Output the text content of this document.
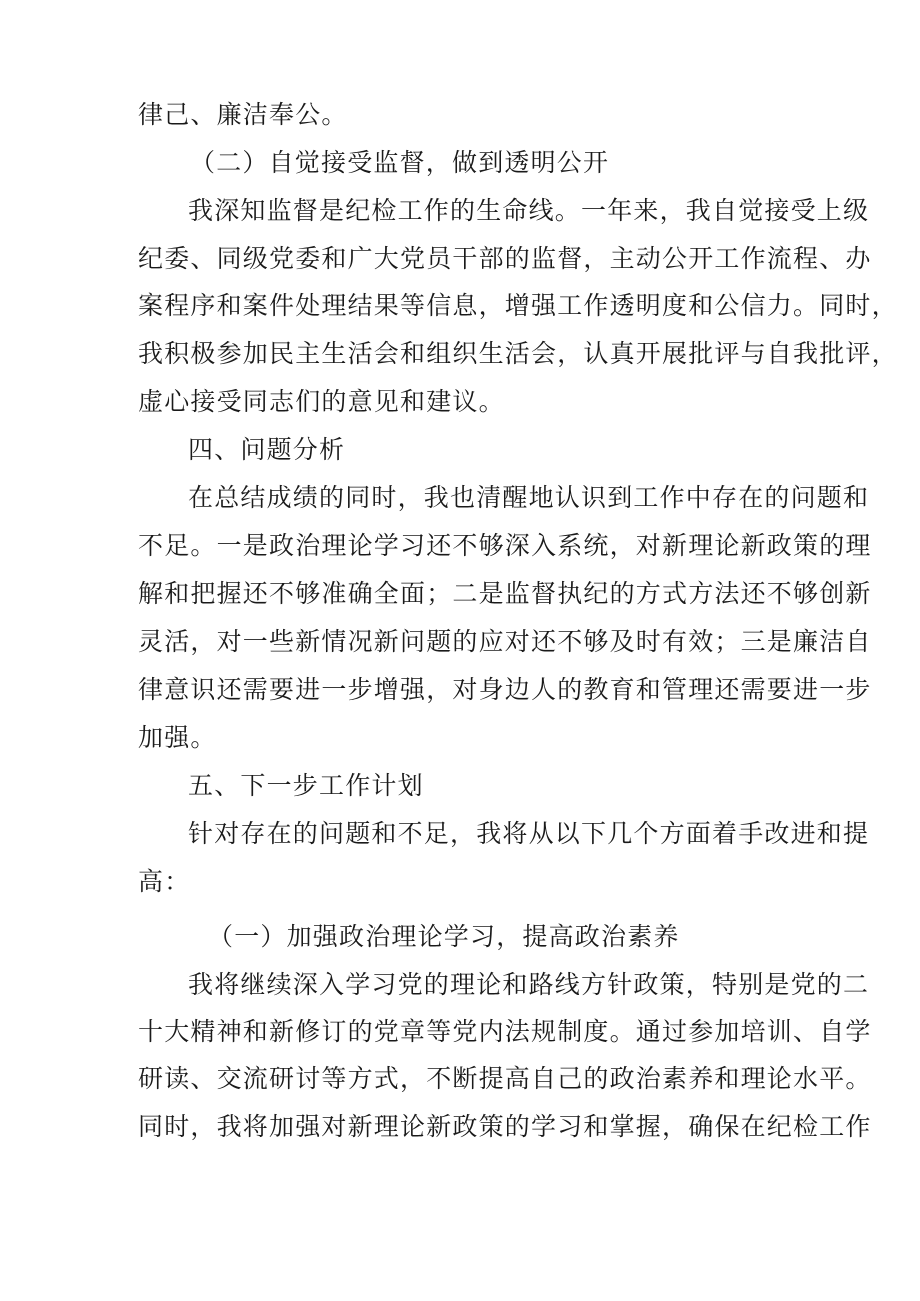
律己、廉洁奉公。
（二）自觉接受监督，做到透明公开
我深知监督是纪检工作的生命线。一年来，我自觉接受上级
纪委、同级党委和广大党员干部的监督，主动公开工作流程、办
案程序和案件处理结果等信息，增强工作透明度和公信力。同时，
我积极参加民主生活会和组织生活会，认真开展批评与自我批评，
虚心接受同志们的意见和建议。
四、问题分析
在总结成绩的同时，我也清醒地认识到工作中存在的问题和
不足。一是政治理论学习还不够深入系统，对新理论新政策的理
解和把握还不够准确全面；二是监督执纪的方式方法还不够创新
灵活，对一些新情况新问题的应对还不够及时有效；三是廉洁自
律意识还需要进一步增强，对身边人的教育和管理还需要进一步
加强。
五、下一步工作计划
针对存在的问题和不足，我将从以下几个方面着手改进和提
高：
（一）加强政治理论学习，提高政治素养
我将继续深入学习党的理论和路线方针政策，特别是党的二
十大精神和新修订的党章等党内法规制度。通过参加培训、自学
研读、交流研讨等方式，不断提高自己的政治素养和理论水平。
同时，我将加强对新理论新政策的学习和掌握，确保在纪检工作
